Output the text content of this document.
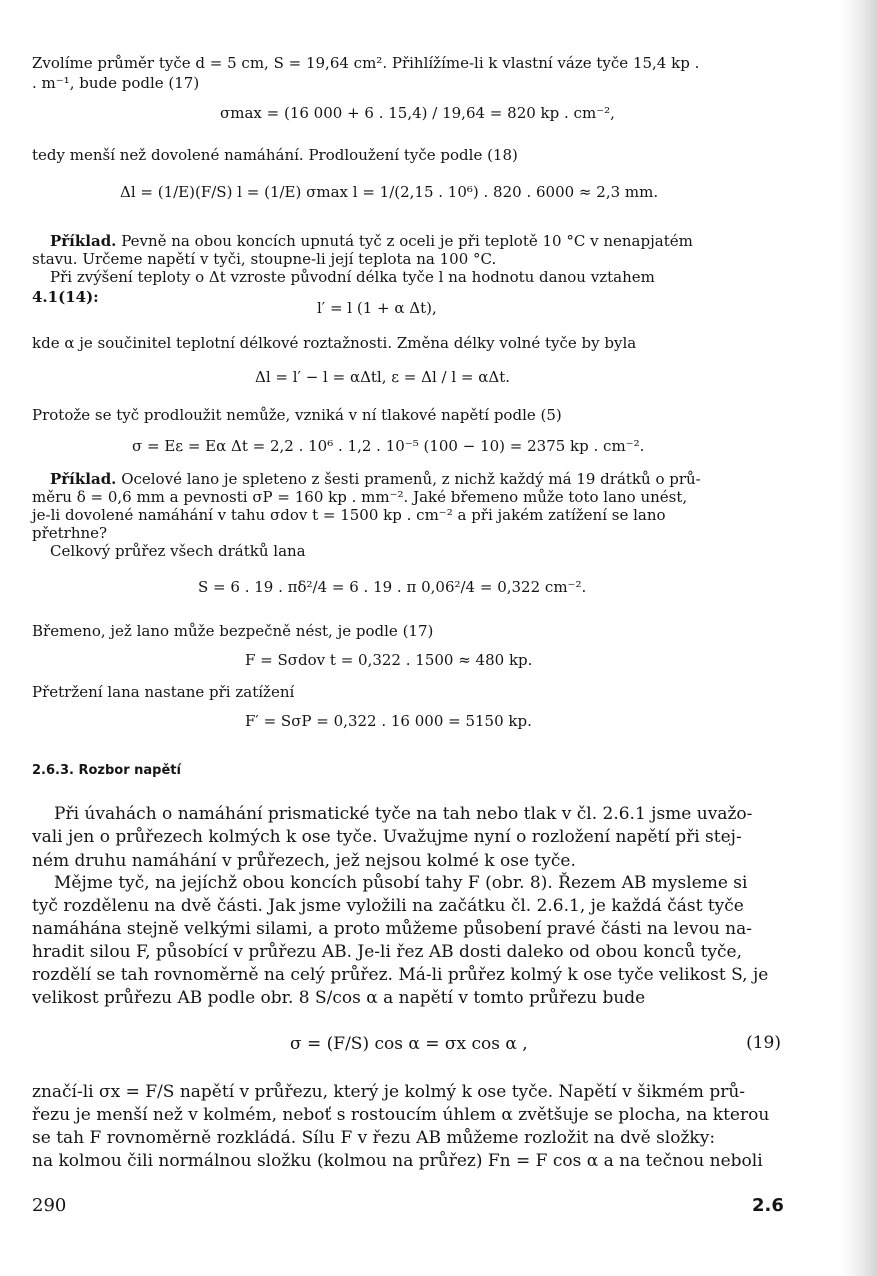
Zvolíme průměr tyče d = 5 cm, S = 19,64 cm². Přihlížíme-li k vlastní váze tyče 15,4 kp .
. m⁻¹, bude podle (17)
σmax = (16 000 + 6 . 15,4) / 19,64 = 820 kp . cm⁻²,
tedy menší než dovolené namáhání. Prodloužení tyče podle (18)
Δl = (1/E)(F/S) l = (1/E) σmax l = 1/(2,15 . 10⁶) . 820 . 6000 ≈ 2,3 mm.
Příklad. Pevně na obou koncích upnutá tyč z oceli je při teplotě 10 °C v nenapjatém
stavu. Určeme napětí v tyči, stoupne-li její teplota na 100 °C.
Při zvýšení teploty o Δt vzroste původní délka tyče l na hodnotu danou vztahem
4.1(14):
l′ = l (1 + α Δt),
kde α je součinitel teplotní délkové roztažnosti. Změna délky volné tyče by byla
Δl = l′ − l = αΔtl, ε = Δl / l = αΔt.
Protože se tyč prodloužit nemůže, vzniká v ní tlakové napětí podle (5)
σ = Eε = Eα Δt = 2,2 . 10⁶ . 1,2 . 10⁻⁵ (100 − 10) = 2375 kp . cm⁻².
Příklad. Ocelové lano je spleteno z šesti pramenů, z nichž každý má 19 drátků o prů-
měru δ = 0,6 mm a pevnosti σP = 160 kp . mm⁻². Jaké břemeno může toto lano unést,
je-li dovolené namáhání v tahu σdov t = 1500 kp . cm⁻² a při jakém zatížení se lano
přetrhne?
Celkový průřez všech drátků lana
S = 6 . 19 . πδ²/4 = 6 . 19 . π 0,06²/4 = 0,322 cm⁻².
Břemeno, jež lano může bezpečně nést, je podle (17)
F = Sσdov t = 0,322 . 1500 ≈ 480 kp.
Přetržení lana nastane při zatížení
F′ = SσP = 0,322 . 16 000 = 5150 kp.
2.6.3. Rozbor napětí
Při úvahách o namáhání prismatické tyče na tah nebo tlak v čl. 2.6.1 jsme uvažo-
vali jen o průřezech kolmých k ose tyče. Uvažujme nyní o rozložení napětí při stej-
ném druhu namáhání v průřezech, jež nejsou kolmé k ose tyče.
Mějme tyč, na jejíchž obou koncích působí tahy F (obr. 8). Řezem AB mysleme si
tyč rozdělenu na dvě části. Jak jsme vyložili na začátku čl. 2.6.1, je každá část tyče
namáhána stejně velkými silami, a proto můžeme působení pravé části na levou na-
hradit silou F, působící v průřezu AB. Je-li řez AB dosti daleko od obou konců tyče,
rozdělí se tah rovnoměrně na celý průřez. Má-li průřez kolmý k ose tyče velikost S, je
velikost průřezu AB podle obr. 8 S/cos α a napětí v tomto průřezu bude
σ = (F/S) cos α = σx cos α ,	(19)
značí-li σx = F/S napětí v průřezu, který je kolmý k ose tyče. Napětí v šikmém prů-
řezu je menší než v kolmém, neboť s rostoucím úhlem α zvětšuje se plocha, na kterou
se tah F rovnoměrně rozkládá. Sílu F v řezu AB můžeme rozložit na dvě složky:
na kolmou čili normálnou složku (kolmou na průřez) Fn = F cos α a na tečnou neboli
290	2.6
